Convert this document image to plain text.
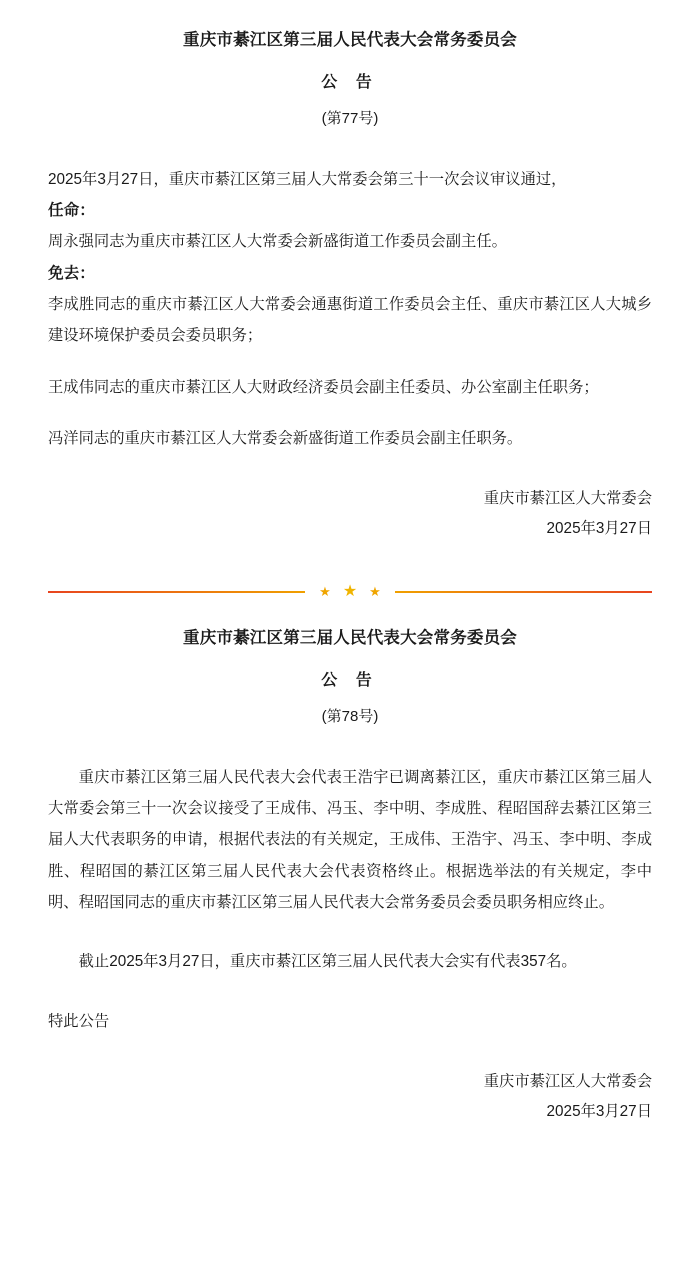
重庆市綦江区第三届人民代表大会常务委员会
公 告
(第77号)

2025年3月27日，重庆市綦江区第三届人大常委会第三十一次会议审议通过，

任命：

周永强同志为重庆市綦江区人大常委会新盛街道工作委员会副主任。

免去：

李成胜同志的重庆市綦江区人大常委会通惠街道工作委员会主任、重庆市綦江区人大城乡建设环境保护委员会委员职务；

王成伟同志的重庆市綦江区人大财政经济委员会副主任委员、办公室副主任职务；

冯洋同志的重庆市綦江区人大常委会新盛街道工作委员会副主任职务。

重庆市綦江区人大常委会

2025年3月27日

★ ★ ★
重庆市綦江区第三届人民代表大会常务委员会
公 告
(第78号)

重庆市綦江区第三届人民代表大会代表王浩宇已调离綦江区，重庆市綦江区第三届人大常委会第三十一次会议接受了王成伟、冯玉、李中明、李成胜、程昭国辞去綦江区第三届人大代表职务的申请，根据代表法的有关规定，王成伟、王浩宇、冯玉、李中明、李成胜、程昭国的綦江区第三届人民代表大会代表资格终止。根据选举法的有关规定，李中明、程昭国同志的重庆市綦江区第三届人民代表大会常务委员会委员职务相应终止。

截止2025年3月27日，重庆市綦江区第三届人民代表大会实有代表357名。

特此公告

重庆市綦江区人大常委会

2025年3月27日
